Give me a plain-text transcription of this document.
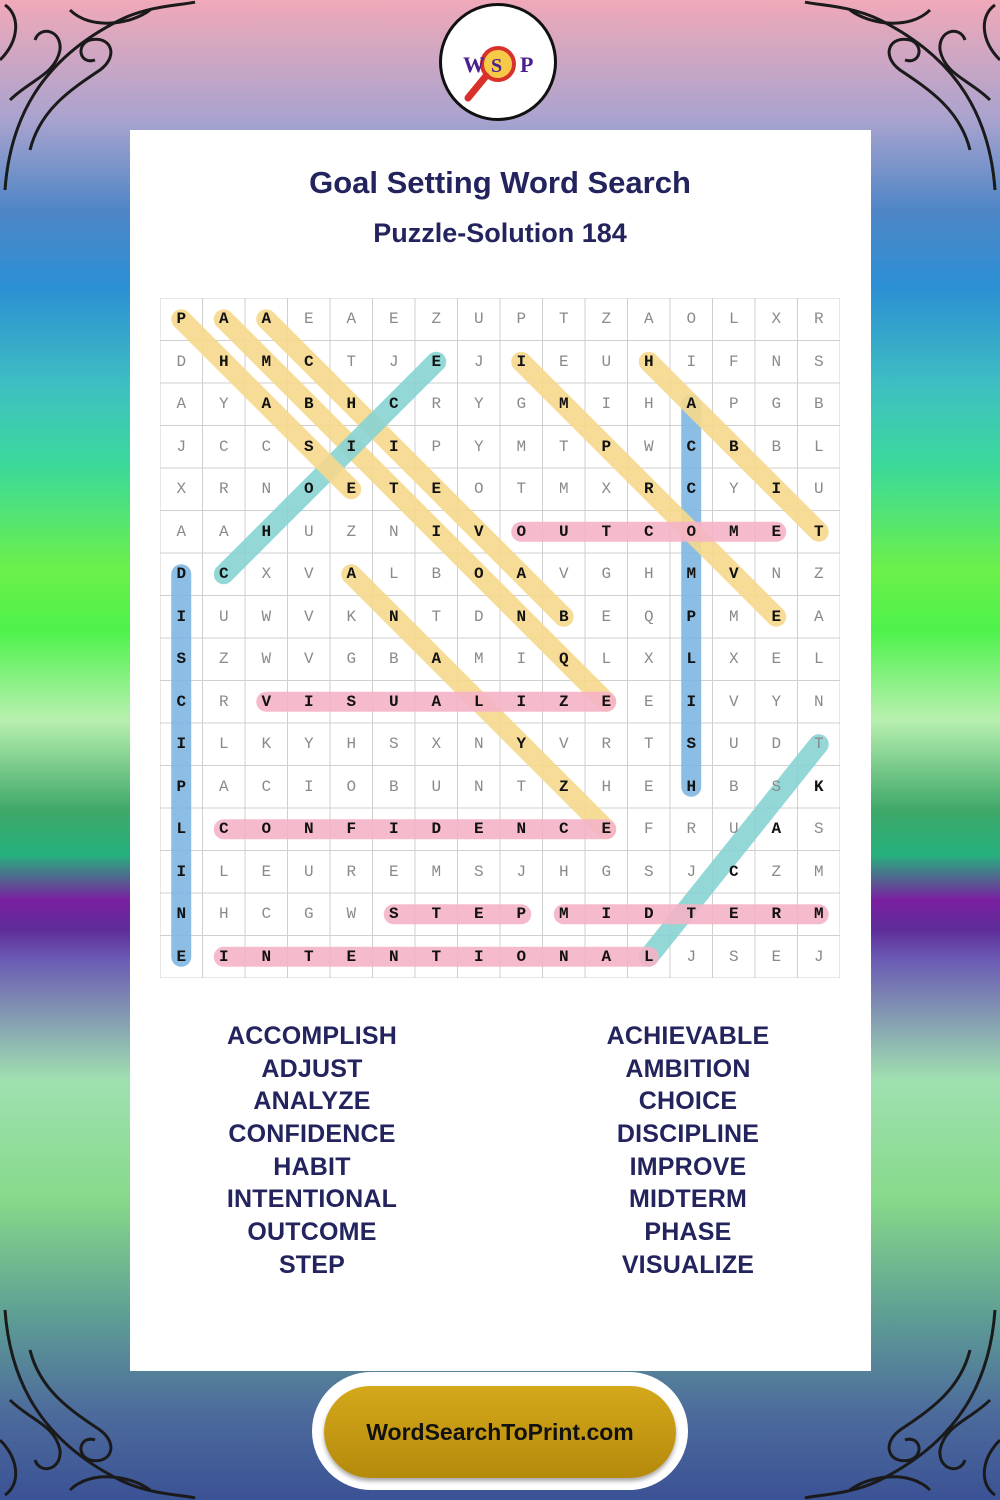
W S P
Goal Setting Word Search
Puzzle-Solution 184
P	A	A	E	A	E	Z	U	P	T	Z	A	O	L	X	R
D	H	M	C	T	J	E	J	I	E	U	H	I	F	N	S
A	Y	A	B	H	C	R	Y	G	M	I	H	A	P	G	B
J	C	C	S	I	I	P	Y	M	T	P	W	C	B	B	L
X	R	N	O	E	T	E	O	T	M	X	R	C	Y	I	U
A	A	H	U	Z	N	I	V	O	U	T	C	O	M	E	T
D	C	X	V	A	L	B	O	A	V	G	H	M	V	N	Z
I	U	W	V	K	N	T	D	N	B	E	Q	P	M	E	A
S	Z	W	V	G	B	A	M	I	Q	L	X	L	X	E	L
C	R	V	I	S	U	A	L	I	Z	E	E	I	V	Y	N
I	L	K	Y	H	S	X	N	Y	V	R	T	S	U	D	T
P	A	C	I	O	B	U	N	T	Z	H	E	H	B	S	K
L	C	O	N	F	I	D	E	N	C	E	F	R	U	A	S
I	L	E	U	R	E	M	S	J	H	G	S	J	C	Z	M
N	H	C	G	W	S	T	E	P	M	I	D	T	E	R	M
E	I	N	T	E	N	T	I	O	N	A	L	J	S	E	J
ACCOMPLISH
ADJUST
ANALYZE
CONFIDENCE
HABIT
INTENTIONAL
OUTCOME
STEP
ACHIEVABLE
AMBITION
CHOICE
DISCIPLINE
IMPROVE
MIDTERM
PHASE
VISUALIZE
WordSearchToPrint.com
